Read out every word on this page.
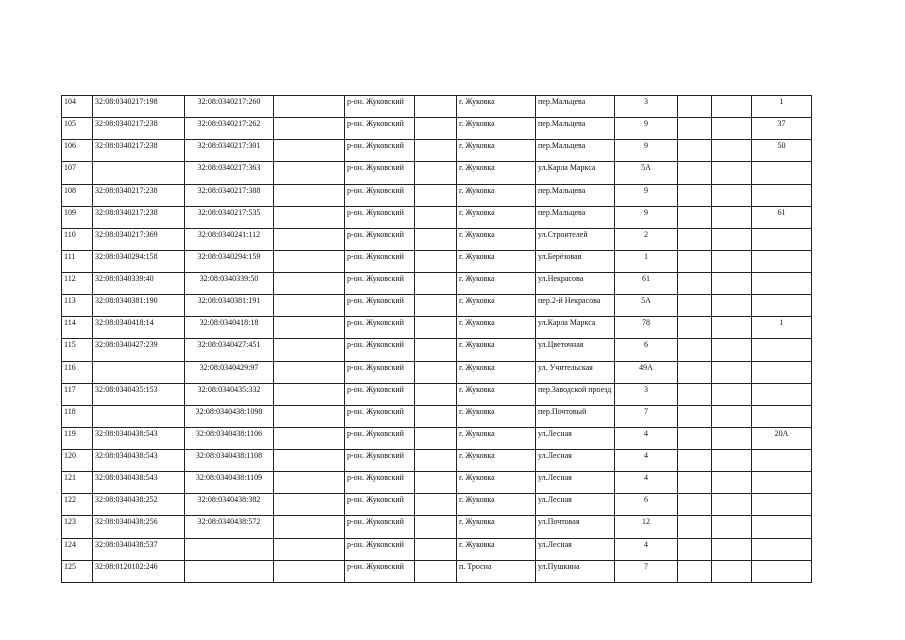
104	32:08:0340217:198	32:08:0340217:260		р-он. Жуковский		г. Жуковка	пер.Мальцева	3			1
105	32:08:0340217:238	32:08:0340217:262		р-он. Жуковский		г. Жуковка	пер.Мальцева	9			37
106	32:08:0340217:238	32:08:0340217:301		р-он. Жуковский		г. Жуковка	пер.Мальцева	9			50
107		32:08:0340217:363		р-он. Жуковский		г. Жуковка	ул.Карла Маркса	5А			
108	32:08:0340217:238	32:08:0340217:388		р-он. Жуковский		г. Жуковка	пер.Мальцева	9			
109	32:08:0340217:238	32:08:0340217:535		р-он. Жуковский		г. Жуковка	пер.Мальцева	9			61
110	32:08:0340217:369	32:08:0340241:112		р-он. Жуковский		г. Жуковка	ул.Строителей	2			
111	32:08:0340294:158	32:08:0340294:159		р-он. Жуковский		г. Жуковка	ул.Берёзовая	1			
112	32:08:0340339:40	32:08:0340339:50		р-он. Жуковский		г. Жуковка	ул.Некрасова	61			
113	32:08:0340381:190	32:08:0340381:191		р-он. Жуковский		г. Жуковка	пер.2-й Некрасова	5А			
114	32:08:0340418:14	32:08:0340418:18		р-он. Жуковский		г. Жуковка	ул.Карла Маркса	78			1
115	32:08:0340427:239	32:08:0340427:451		р-он. Жуковский		г. Жуковка	ул.Цветочная	6			
116		32:08:0340429:97		р-он. Жуковский		г. Жуковка	ул. Учительская	49А			
117	32:08:0340435:153	32:08:0340435:332		р-он. Жуковский		г. Жуковка	пер.Заводской проезд	3			
118		32:08:0340438:1098		р-он. Жуковский		г. Жуковка	пер.Почтовый	7			
119	32:08:0340438:543	32:08:0340438:1106		р-он. Жуковский		г. Жуковка	ул.Лесная	4			20А
120	32:08:0340438:543	32:08:0340438:1108		р-он. Жуковский		г. Жуковка	ул.Лесная	4			
121	32:08:0340438:543	32:08:0340438:1109		р-он. Жуковский		г. Жуковка	ул.Лесная	4			
122	32:08:0340438:252	32:08:0340438:382		р-он. Жуковский		г. Жуковка	ул.Лесная	6			
123	32:08:0340438:256	32:08:0340438:572		р-он. Жуковский		г. Жуковка	ул.Почтовая	12			
124	32:08:0340438:537			р-он. Жуковский		г. Жуковка	ул.Лесная	4			
125	32:08:0120102:246			р-он. Жуковский		п. Тросна	ул.Пушкина	7			
